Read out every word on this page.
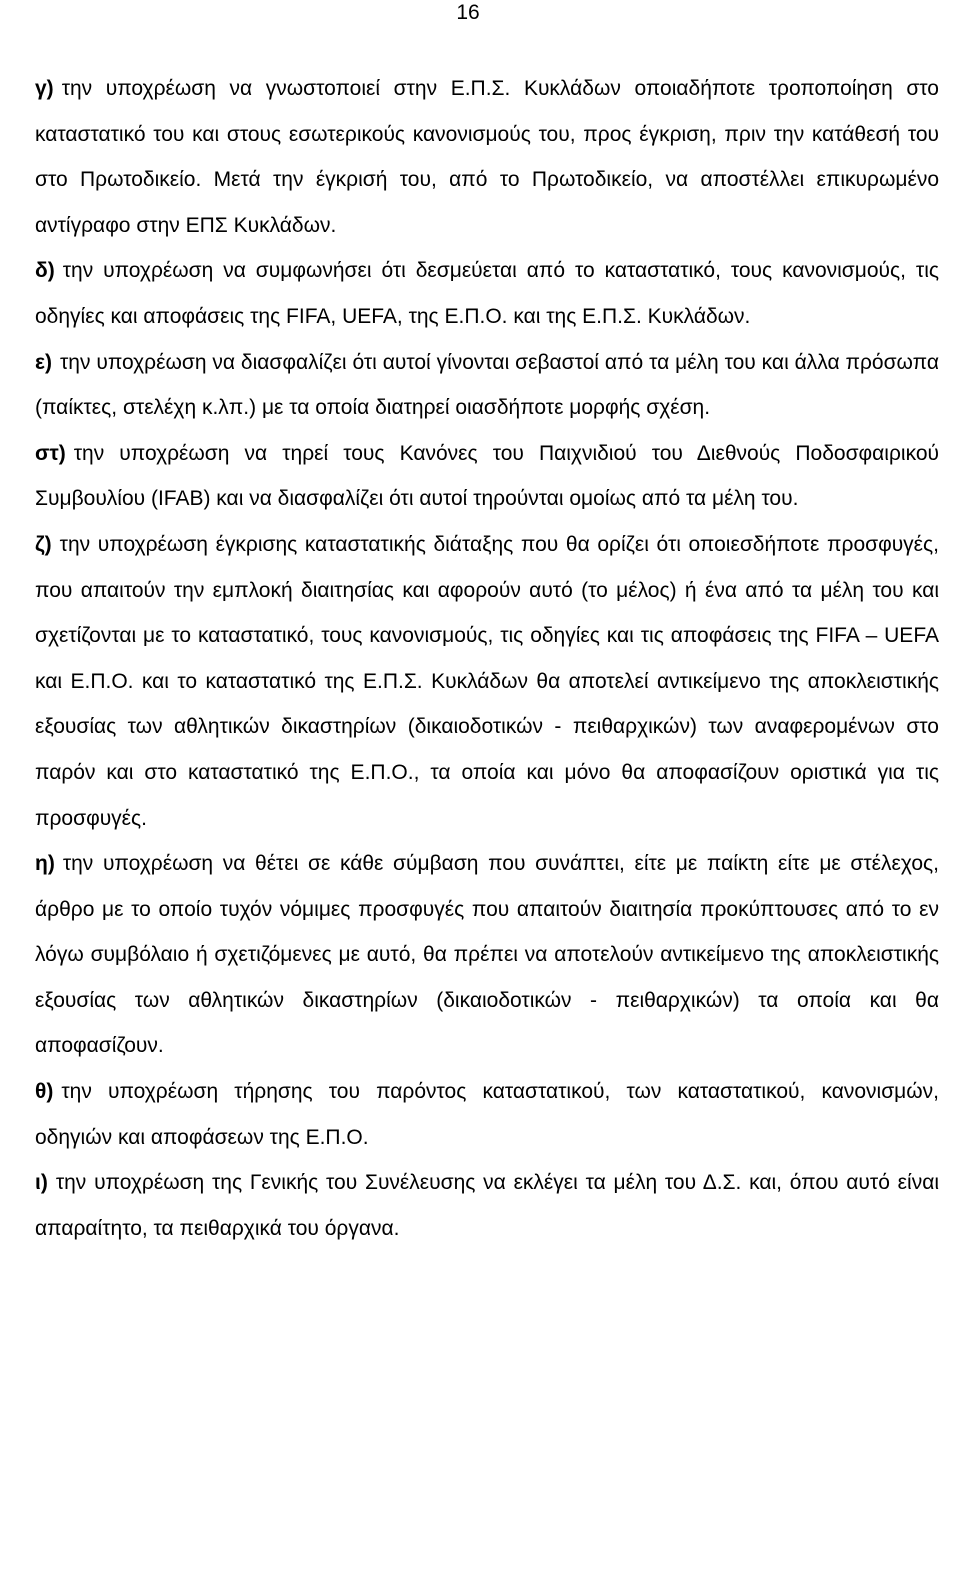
16

γ) την υποχρέωση να γνωστοποιεί στην Ε.Π.Σ. Κυκλάδων οποιαδήποτε τροποποίηση στο καταστατικό του και στους εσωτερικούς κανονισμούς του, προς έγκριση, πριν την κατάθεσή του στο Πρωτοδικείο. Μετά την έγκρισή του, από το Πρωτοδικείο, να αποστέλλει επικυρωμένο αντίγραφο στην ΕΠΣ Κυκλάδων.

δ) την υποχρέωση να συμφωνήσει ότι δεσμεύεται από το καταστατικό, τους κανονισμούς, τις οδηγίες και αποφάσεις της FIFA, UEFA, της Ε.Π.Ο. και της Ε.Π.Σ. Κυκλάδων.

ε) την υποχρέωση να διασφαλίζει ότι αυτοί γίνονται σεβαστοί από τα μέλη του και άλλα πρόσωπα (παίκτες, στελέχη κ.λπ.) με τα οποία διατηρεί οιασδήποτε μορφής σχέση.

στ) την υποχρέωση να τηρεί τους Κανόνες του Παιχνιδιού του Διεθνούς Ποδοσφαιρικού Συμβουλίου (IFAB) και να διασφαλίζει ότι αυτοί τηρούνται ομοίως από τα μέλη του.

ζ) την υποχρέωση έγκρισης καταστατικής διάταξης που θα ορίζει ότι οποιεσδήποτε προσφυγές, που απαιτούν την εμπλοκή διαιτησίας και αφορούν αυτό (το μέλος) ή ένα από τα μέλη του και σχετίζονται με το καταστατικό, τους κανονισμούς, τις οδηγίες και τις αποφάσεις της FIFA – UEFA και Ε.Π.Ο. και το καταστατικό της Ε.Π.Σ. Κυκλάδων θα αποτελεί αντικείμενο της αποκλειστικής εξουσίας των αθλητικών δικαστηρίων (δικαιοδοτικών - πειθαρχικών) των αναφερομένων στο παρόν και στο καταστατικό της Ε.Π.Ο., τα οποία και μόνο θα αποφασίζουν οριστικά για τις προσφυγές.

η) την υποχρέωση να θέτει σε κάθε σύμβαση που συνάπτει, είτε με παίκτη είτε με στέλεχος, άρθρο με το οποίο τυχόν νόμιμες προσφυγές που απαιτούν διαιτησία προκύπτουσες από το εν λόγω συμβόλαιο ή σχετιζόμενες με αυτό, θα πρέπει να αποτελούν αντικείμενο της αποκλειστικής εξουσίας των αθλητικών δικαστηρίων (δικαιοδοτικών - πειθαρχικών) τα οποία και θα αποφασίζουν.

θ) την υποχρέωση τήρησης του παρόντος καταστατικού, των καταστατικού, κανονισμών, οδηγιών και αποφάσεων της Ε.Π.Ο.

ι) την υποχρέωση της Γενικής του Συνέλευσης να εκλέγει τα μέλη του Δ.Σ. και, όπου αυτό είναι απαραίτητο, τα πειθαρχικά του όργανα.
